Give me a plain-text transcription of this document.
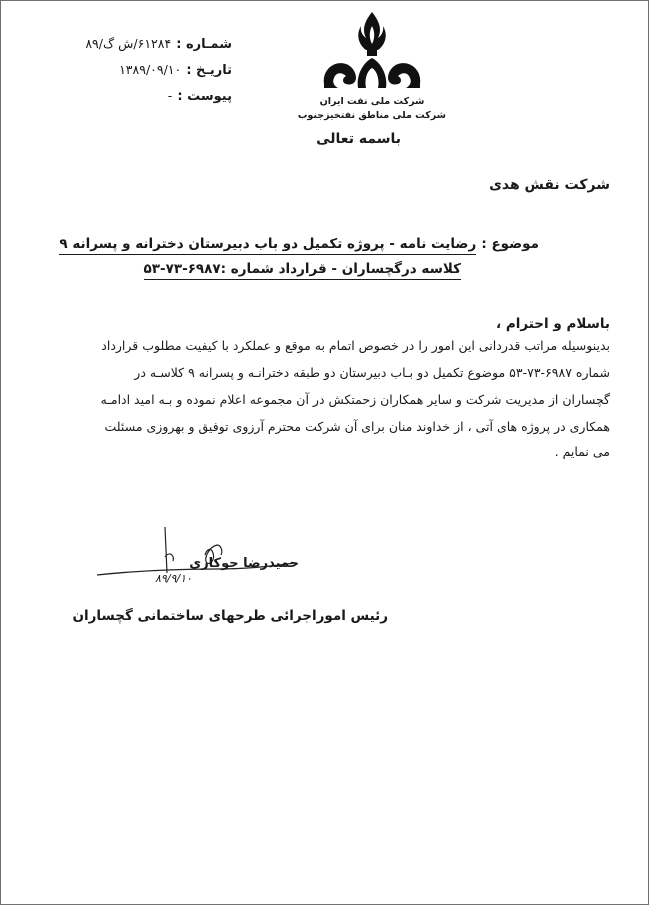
شمـاره : ۶۱۲۸۴/ش گ/۸۹
تاریـخ : ۱۳۸۹/۰۹/۱۰
پیوست : -	شرکت ملی نفت ایران
شرکت ملی مناطق نفتخیزجنوب
باسمه تعالی
شرکت نقش هدی
موضوع : رضایت نامه - پروژه تکمیل دو باب دبیرستان دخترانه و پسرانه ۹
کلاسه درگچساران - قرارداد شماره :۶۹۸۷-۷۳-۵۳
باسلام و احترام ،
بدینوسیله مراتب قدردانی این امور را در خصوص اتمام به موقع و عملکرد با کیفیت مطلوب قرارداد
شماره ۶۹۸۷-۷۳-۵۳ موضوع تکمیل دو بـاب دبیرستان دو طبقه دخترانـه و پسرانه ۹ کلاسـه در
گچساران از مدیریت شرکت و سایر همکاران زحمتکش در آن مجموعه اعلام نموده و بـه امید ادامـه
همکاری در پروژه های آتی ، از خداوند منان برای آن شرکت محترم آرزوی توفیق و بهروزی مسئلت
می نمایم .
حمیدرضا جوکاری
۸۹/۹/۱۰
رئیس اموراجرائی طرحهای ساختمانی گچساران
